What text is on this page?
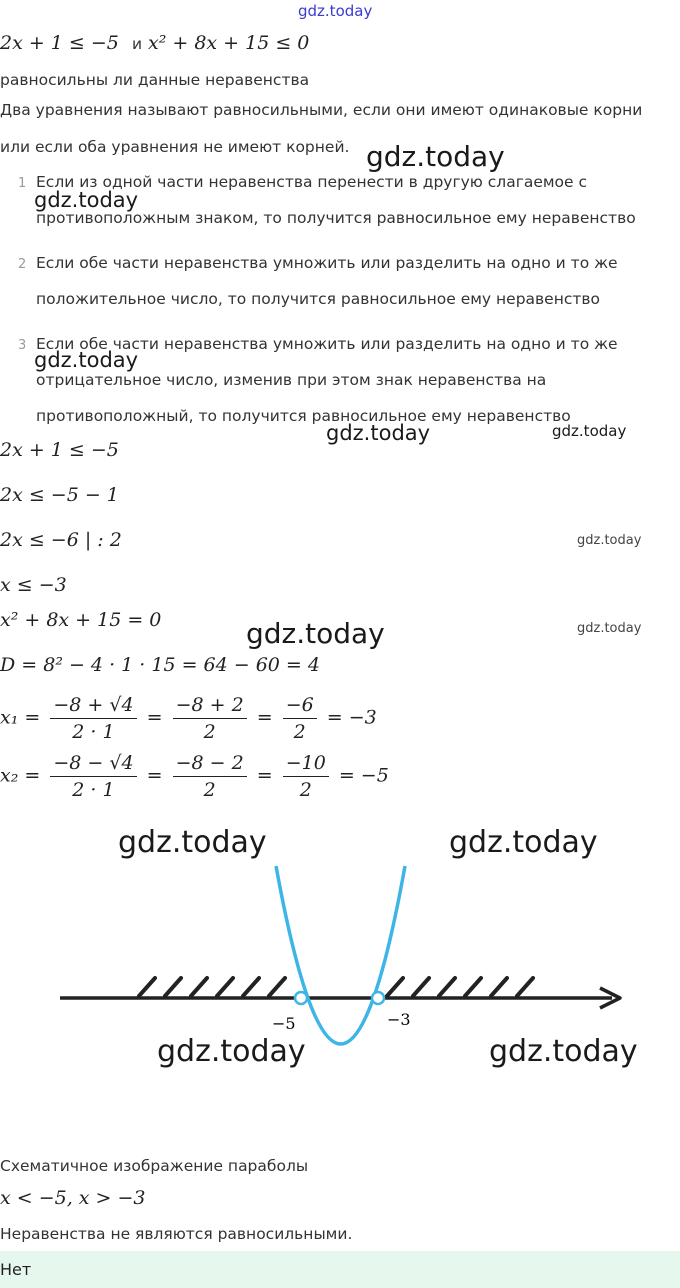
gdz.today
2x + 1 ≤ −5 и x² + 8x + 15 ≤ 0
равносильны ли данные неравенства
Два уравнения называют равносильными, если они имеют одинаковые корни
или если оба уравнения не имеют корней. gdz.today
1 Если из одной части неравенства перенести в другую слагаемое с
противоположным знаком, то получится равносильное ему неравенство
gdz.today
2 Если обе части неравенства умножить или разделить на одно и то же
положительное число, то получится равносильное ему неравенство
3 Если обе части неравенства умножить или разделить на одно и то же
отрицательное число, изменив при этом знак неравенства на
противоположный, то получится равносильное ему неравенство
gdz.today
gdz.today	gdz.today
2x + 1 ≤ −5
2x ≤ −5 − 1
2x ≤ −6 | : 2	gdz.today
x ≤ −3
x² + 8x + 15 = 0	gdz.today
gdz.today
D = 8² − 4 · 1 · 15 = 64 − 60 = 4
$x_1 = \frac{-8 + √4}{2 \cdot 1} = \frac{-8 + 2}{2} = \frac{-6}{2} = -3$
$x_2 = \frac{-8 - √4}{2 \cdot 1} = \frac{-8 - 2}{2} = \frac{-10}{2} = -5$
−5	−3
gdz.today	gdz.today
gdz.today	gdz.today
Схематичное изображение параболы
x < −5, x > −3
Неравенства не являются равносильными.
Нет
